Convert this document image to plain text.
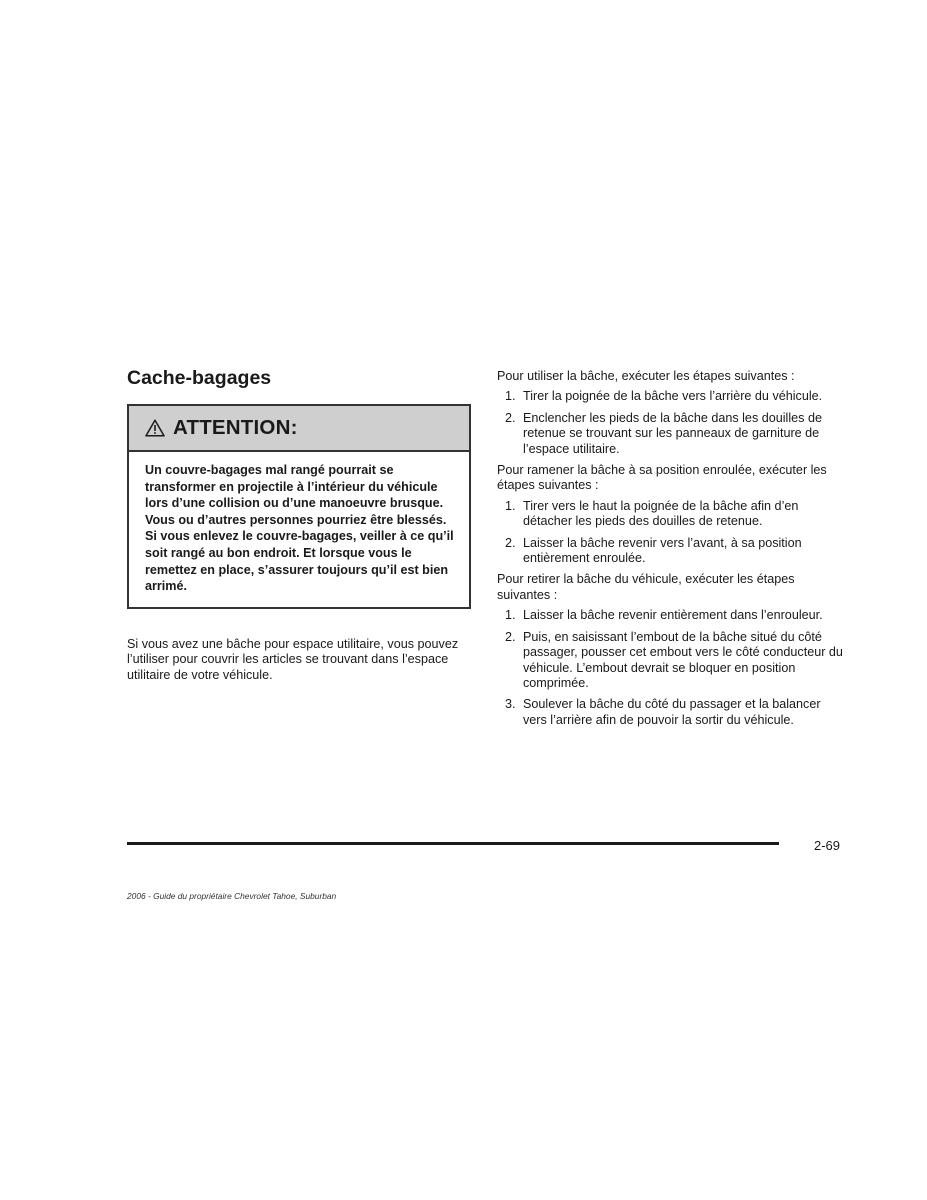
Cache-bagages
ATTENTION:
Un couvre-bagages mal rangé pourrait se transformer en projectile à l’intérieur du véhicule lors d’une collision ou d’une manoeuvre brusque. Vous ou d’autres personnes pourriez être blessés. Si vous enlevez le couvre-bagages, veiller à ce qu’il soit rangé au bon endroit. Et lorsque vous le remettez en place, s’assurer toujours qu’il est bien arrimé.

Si vous avez une bâche pour espace utilitaire, vous pouvez l’utiliser pour couvrir les articles se trouvant dans l’espace utilitaire de votre véhicule.

Pour utiliser la bâche, exécuter les étapes suivantes :

1. Tirer la poignée de la bâche vers l’arrière du véhicule.
2. Enclencher les pieds de la bâche dans les douilles de retenue se trouvant sur les panneaux de garniture de l’espace utilitaire.

Pour ramener la bâche à sa position enroulée, exécuter les étapes suivantes :

1. Tirer vers le haut la poignée de la bâche afin d’en détacher les pieds des douilles de retenue.
2. Laisser la bâche revenir vers l’avant, à sa position entièrement enroulée.

Pour retirer la bâche du véhicule, exécuter les étapes suivantes :

1. Laisser la bâche revenir entièrement dans l’enrouleur.
2. Puis, en saisissant l’embout de la bâche situé du côté passager, pousser cet embout vers le côté conducteur du véhicule. L’embout devrait se bloquer en position comprimée.
3. Soulever la bâche du côté du passager et la balancer vers l’arrière afin de pouvoir la sortir du véhicule.
2-69
2006 - Guide du propriétaire Chevrolet Tahoe, Suburban
